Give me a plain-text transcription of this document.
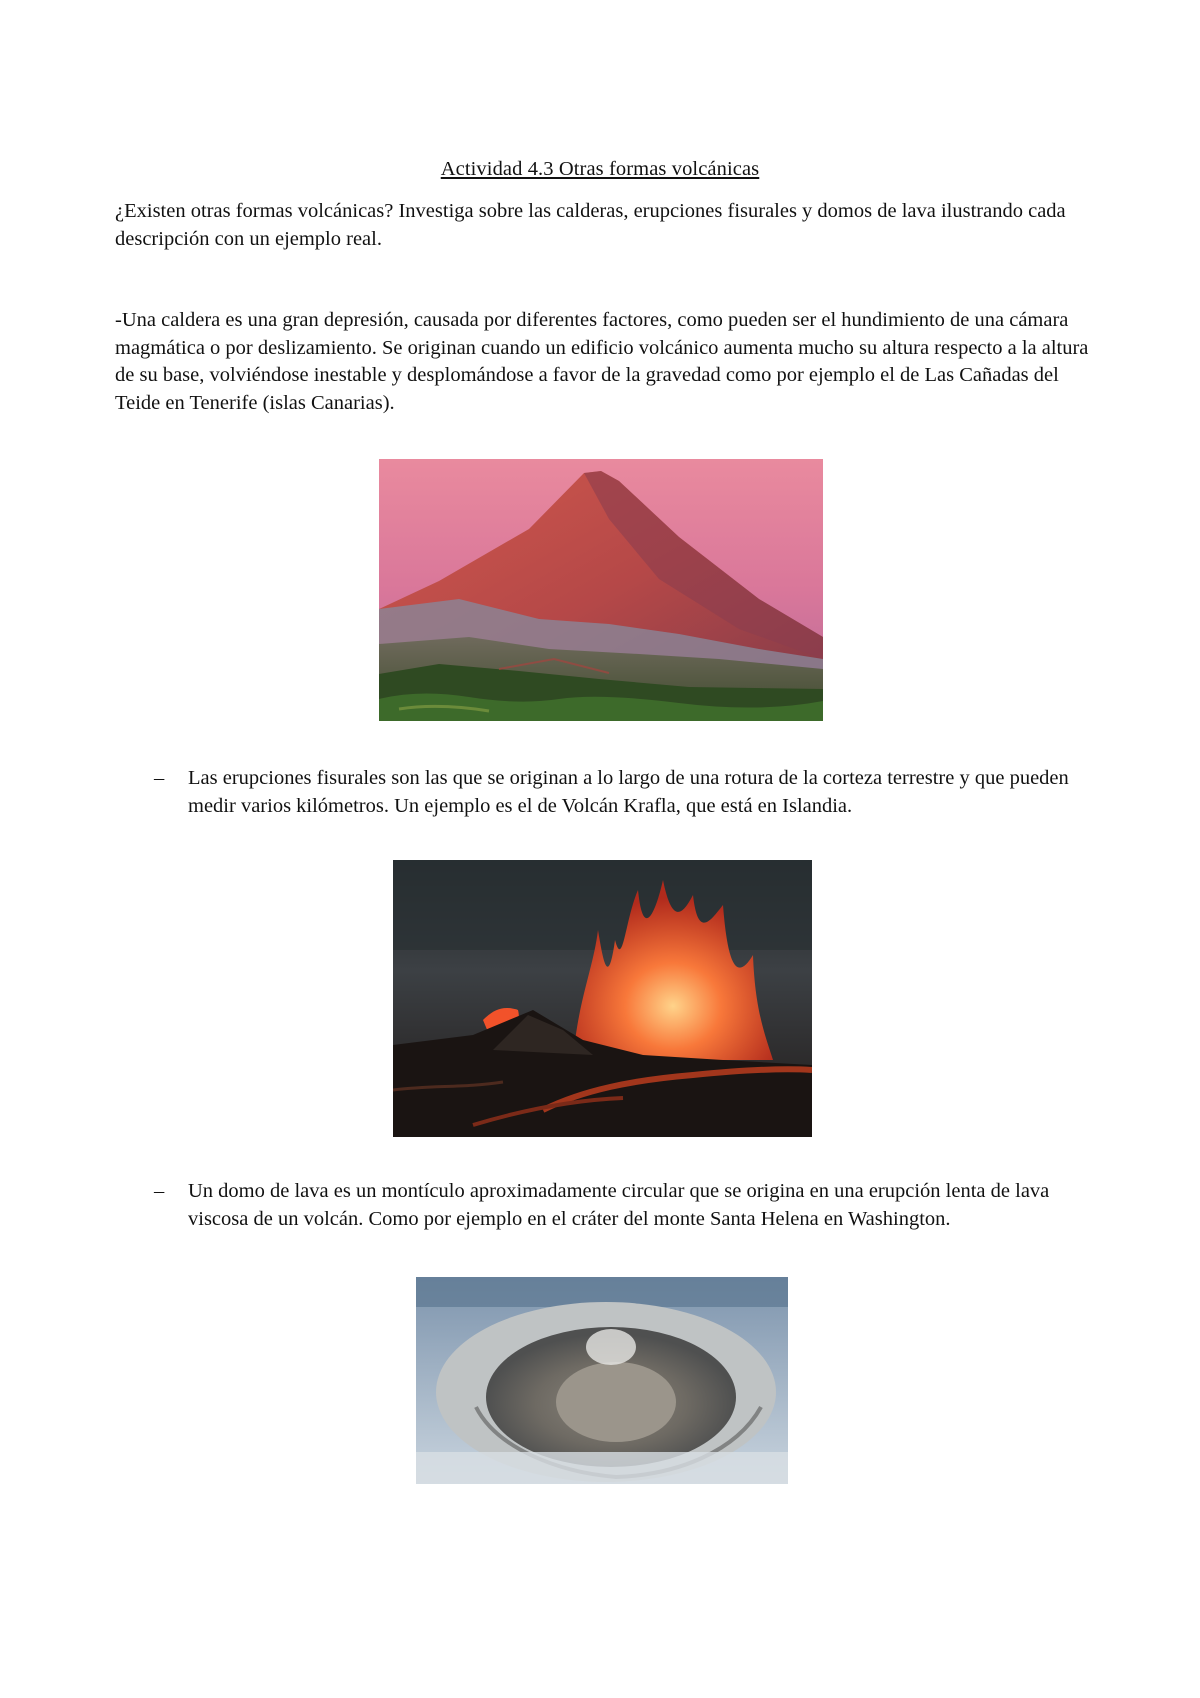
Actividad 4.3 Otras formas volcánicas
¿Existen otras formas volcánicas? Investiga sobre las calderas, erupciones fisurales y domos de lava ilustrando cada descripción con un ejemplo real.
-Una caldera es una gran depresión, causada por diferentes factores, como pueden ser el hundimiento de una cámara magmática o por deslizamiento. Se originan cuando un edificio volcánico aumenta mucho su altura respecto a la altura de su base, volviéndose inestable y desplomándose a favor de la gravedad como por ejemplo el de Las Cañadas del Teide en Tenerife (islas Canarias).
–	Las erupciones fisurales son las que se originan a lo largo de una rotura de la corteza terrestre y que pueden medir varios kilómetros. Un ejemplo es el de Volcán Krafla, que está en Islandia.
–	Un domo de lava es un montículo aproximadamente circular que se origina en una erupción lenta de lava viscosa de un volcán. Como por ejemplo en el cráter del monte Santa Helena en Washington.
